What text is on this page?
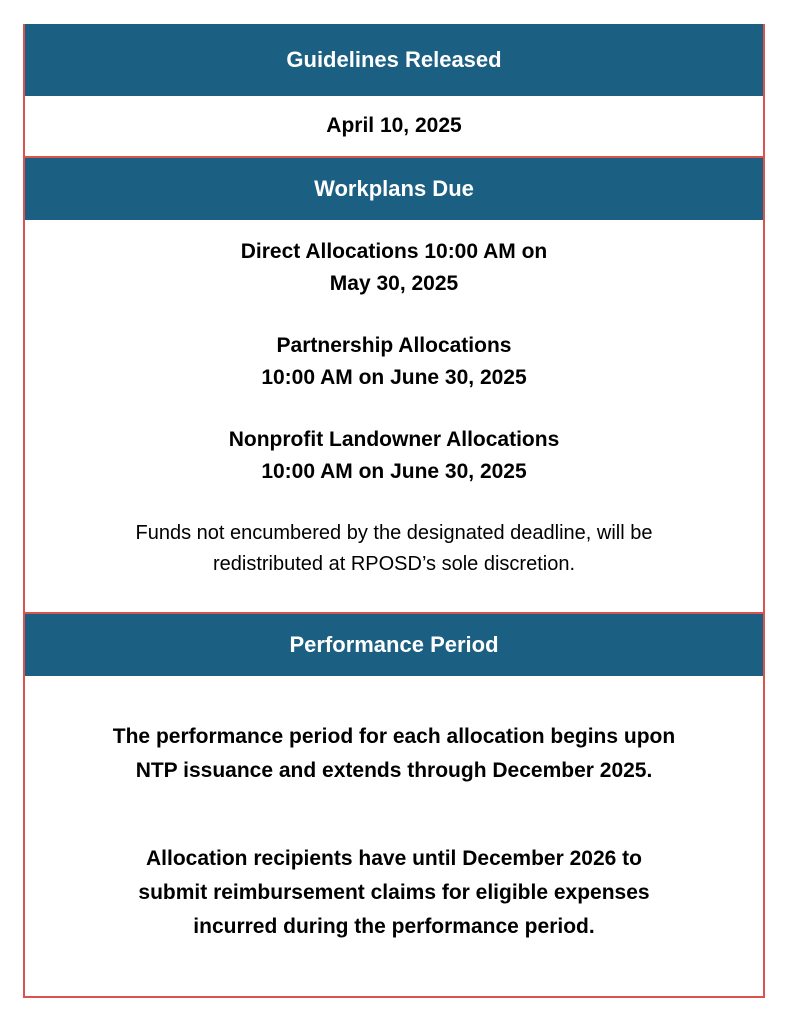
Guidelines Released
April 10, 2025
Workplans Due
Direct Allocations 10:00 AM on
May 30, 2025
Partnership Allocations
10:00 AM on June 30, 2025
Nonprofit Landowner Allocations
10:00 AM on June 30, 2025
Funds not encumbered by the designated deadline, will be
redistributed at RPOSD’s sole discretion.
Performance Period
The performance period for each allocation begins upon
NTP issuance and extends through December 2025.
Allocation recipients have until December 2026 to
submit reimbursement claims for eligible expenses
incurred during the performance period.
